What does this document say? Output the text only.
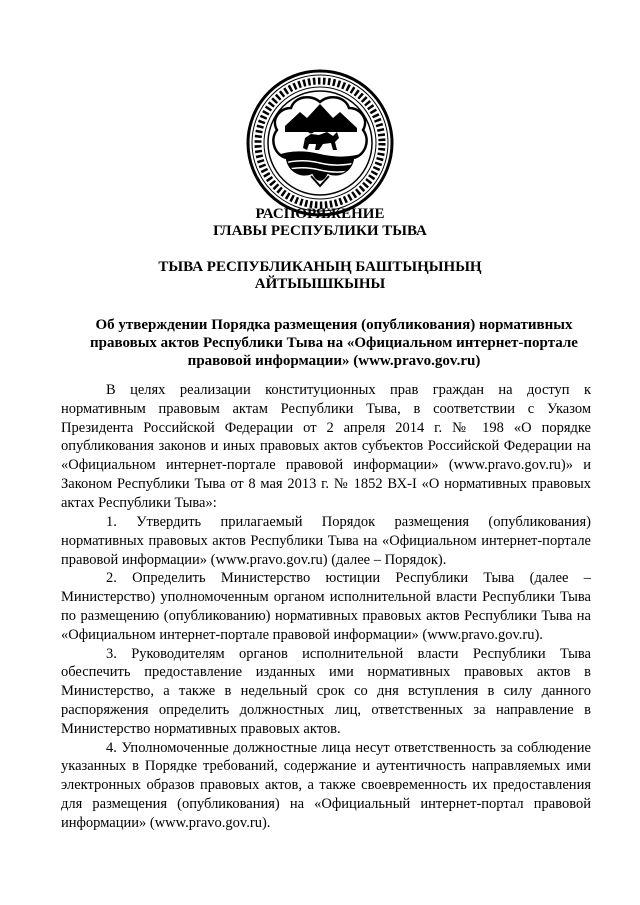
РАСПОРЯЖЕНИЕ
ГЛАВЫ РЕСПУБЛИКИ ТЫВА
ТЫВА РЕСПУБЛИКАНЫҢ БАШТЫҢЫНЫҢ
АЙТЫЫШКЫНЫ
Об утверждении Порядка размещения (опубликования) нормативных правовых актов Республики Тыва на «Официальном интернет-портале правовой информации» (www.pravo.gov.ru)

В целях реализации конституционных прав граждан на доступ к нормативным правовым актам Республики Тыва, в соответствии с Указом Президента Российской Федерации от 2 апреля 2014 г. № 198 «О порядке опубликования законов и иных правовых актов субъектов Российской Федерации на «Официальном интернет-портале правовой информации» (www.pravo.gov.ru)» и Законом Республики Тыва от 8 мая 2013 г. № 1852 ВХ-I «О нормативных правовых актах Республики Тыва»:

1. Утвердить прилагаемый Порядок размещения (опубликования) нормативных правовых актов Республики Тыва на «Официальном интернет-портале правовой информации» (www.pravo.gov.ru) (далее – Порядок).

2. Определить Министерство юстиции Республики Тыва (далее – Министерство) уполномоченным органом исполнительной власти Республики Тыва по размещению (опубликованию) нормативных правовых актов Республики Тыва на «Официальном интернет-портале правовой информации» (www.pravo.gov.ru).

3. Руководителям органов исполнительной власти Республики Тыва обеспечить предоставление изданных ими нормативных правовых актов в Министерство, а также в недельный срок со дня вступления в силу данного распоряжения определить должностных лиц, ответственных за направление в Министерство нормативных правовых актов.

4. Уполномоченные должностные лица несут ответственность за соблюдение указанных в Порядке требований, содержание и аутентичность направляемых ими электронных образов правовых актов, а также своевременность их предоставления для размещения (опубликования) на «Официальный интернет-портал правовой информации» (www.pravo.gov.ru).
